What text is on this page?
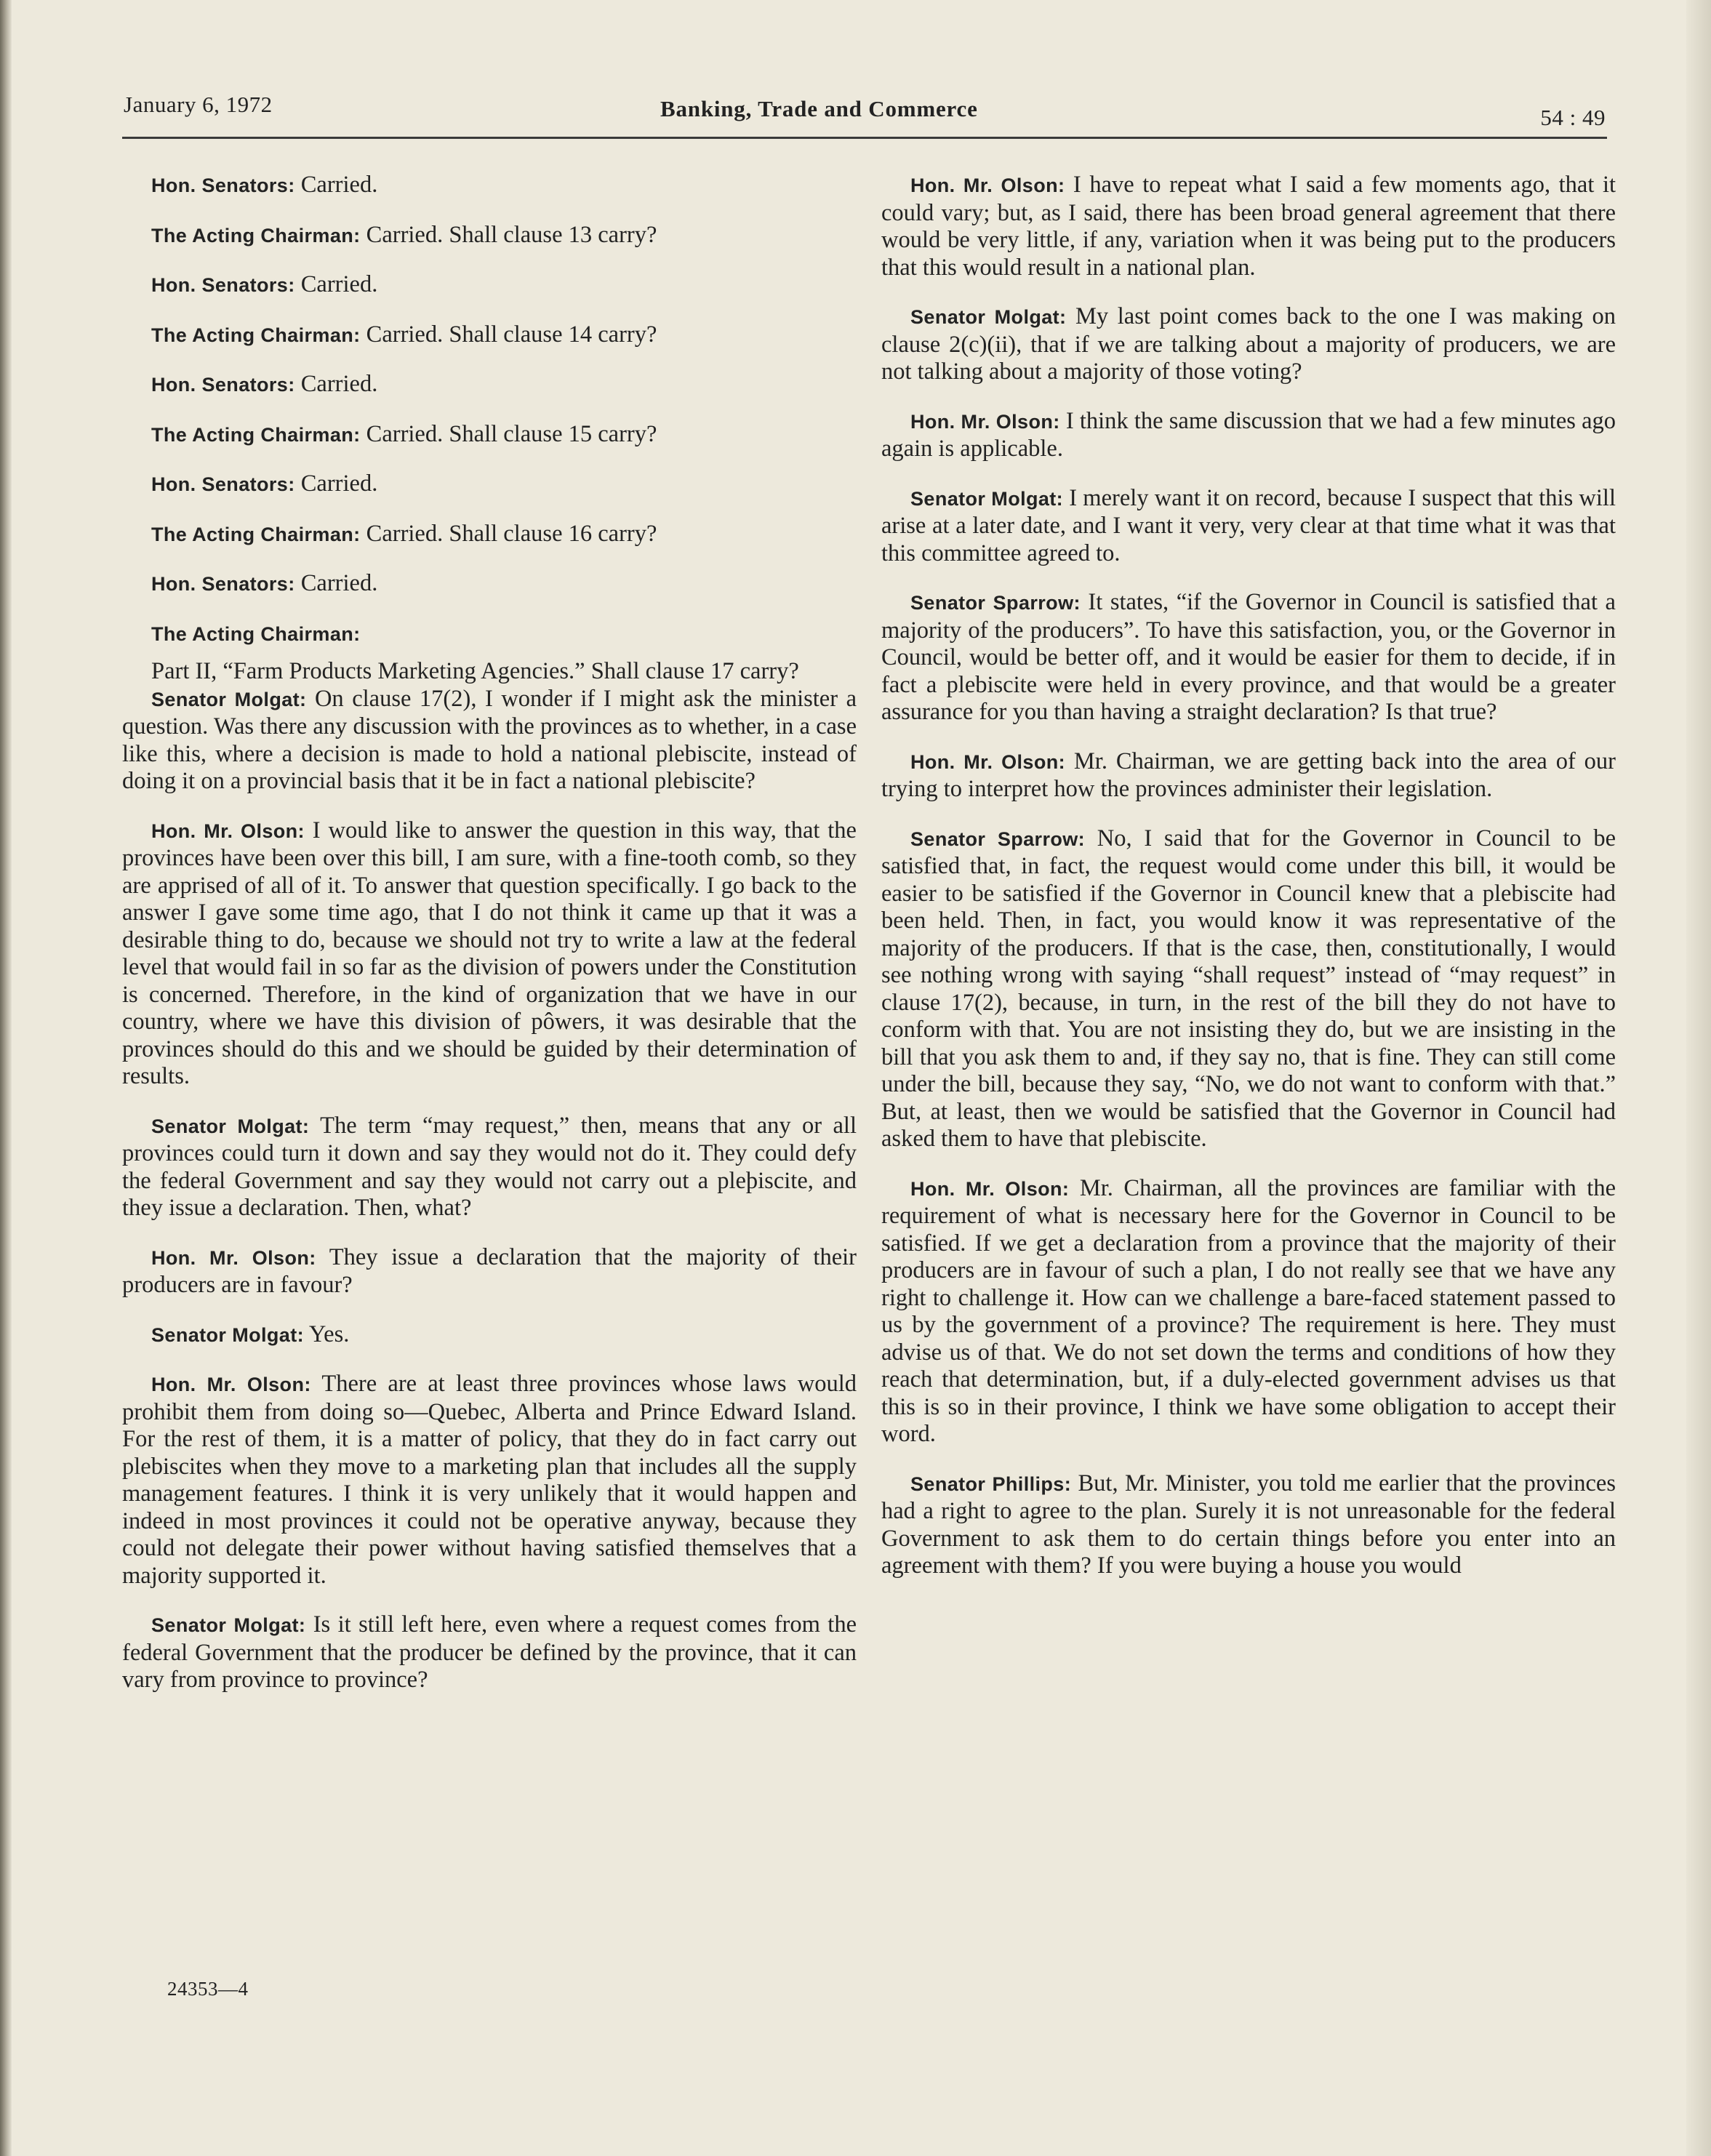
January 6, 1972	Banking, Trade and Commerce	54 : 49

Hon. Senators: Carried.

The Acting Chairman: Carried. Shall clause 13 carry?

Hon. Senators: Carried.

The Acting Chairman: Carried. Shall clause 14 carry?

Hon. Senators: Carried.

The Acting Chairman: Carried. Shall clause 15 carry?

Hon. Senators: Carried.

The Acting Chairman: Carried. Shall clause 16 carry?

Hon. Senators: Carried.

The Acting Chairman:

Part II, “Farm Products Marketing Agencies.” Shall clause 17 carry?

Senator Molgat: On clause 17(2), I wonder if I might ask the minister a question. Was there any discussion with the provinces as to whether, in a case like this, where a decision is made to hold a national plebiscite, instead of doing it on a provincial basis that it be in fact a national plebiscite?

Hon. Mr. Olson: I would like to answer the question in this way, that the provinces have been over this bill, I am sure, with a fine-tooth comb, so they are apprised of all of it. To answer that question specifically. I go back to the answer I gave some time ago, that I do not think it came up that it was a desirable thing to do, because we should not try to write a law at the federal level that would fail in so far as the division of powers under the Constitution is concerned. Therefore, in the kind of organization that we have in our country, where we have this division of pôwers, it was desirable that the provinces should do this and we should be guided by their determination of results.

Senator Molgat: The term “may request,” then, means that any or all provinces could turn it down and say they would not do it. They could defy the federal Government and say they would not carry out a pleþiscite, and they issue a declaration. Then, what?

Hon. Mr. Olson: They issue a declaration that the majority of their producers are in favour?

Senator Molgat: Yes.

Hon. Mr. Olson: There are at least three provinces whose laws would prohibit them from doing so—Quebec, Alberta and Prince Edward Island. For the rest of them, it is a matter of policy, that they do in fact carry out plebiscites when they move to a marketing plan that includes all the supply management features. I think it is very unlikely that it would happen and indeed in most provinces it could not be operative anyway, because they could not delegate their power without having satisfied themselves that a majority supported it.

Senator Molgat: Is it still left here, even where a request comes from the federal Government that the producer be defined by the province, that it can vary from province to province?

Hon. Mr. Olson: I have to repeat what I said a few moments ago, that it could vary; but, as I said, there has been broad general agreement that there would be very little, if any, variation when it was being put to the producers that this would result in a national plan.

Senator Molgat: My last point comes back to the one I was making on clause 2(c)(ii), that if we are talking about a majority of producers, we are not talking about a majority of those voting?

Hon. Mr. Olson: I think the same discussion that we had a few minutes ago again is applicable.

Senator Molgat: I merely want it on record, because I suspect that this will arise at a later date, and I want it very, very clear at that time what it was that this committee agreed to.

Senator Sparrow: It states, “if the Governor in Council is satisfied that a majority of the producers”. To have this satisfaction, you, or the Governor in Council, would be better off, and it would be easier for them to decide, if in fact a plebiscite were held in every province, and that would be a greater assurance for you than having a straight declaration? Is that true?

Hon. Mr. Olson: Mr. Chairman, we are getting back into the area of our trying to interpret how the provinces administer their legislation.

Senator Sparrow: No, I said that for the Governor in Council to be satisfied that, in fact, the request would come under this bill, it would be easier to be satisfied if the Governor in Council knew that a plebiscite had been held. Then, in fact, you would know it was representative of the majority of the producers. If that is the case, then, constitutionally, I would see nothing wrong with saying “shall request” instead of “may request” in clause 17(2), because, in turn, in the rest of the bill they do not have to conform with that. You are not insisting they do, but we are insisting in the bill that you ask them to and, if they say no, that is fine. They can still come under the bill, because they say, “No, we do not want to conform with that.” But, at least, then we would be satisfied that the Governor in Council had asked them to have that plebiscite.

Hon. Mr. Olson: Mr. Chairman, all the provinces are familiar with the requirement of what is necessary here for the Governor in Council to be satisfied. If we get a declaration from a province that the majority of their producers are in favour of such a plan, I do not really see that we have any right to challenge it. How can we challenge a bare-faced statement passed to us by the government of a province? The requirement is here. They must advise us of that. We do not set down the terms and conditions of how they reach that determination, but, if a duly-elected government advises us that this is so in their province, I think we have some obligation to accept their word.

Senator Phillips: But, Mr. Minister, you told me earlier that the provinces had a right to agree to the plan. Surely it is not unreasonable for the federal Government to ask them to do certain things before you enter into an agreement with them? If you were buying a house you would

24353—4
